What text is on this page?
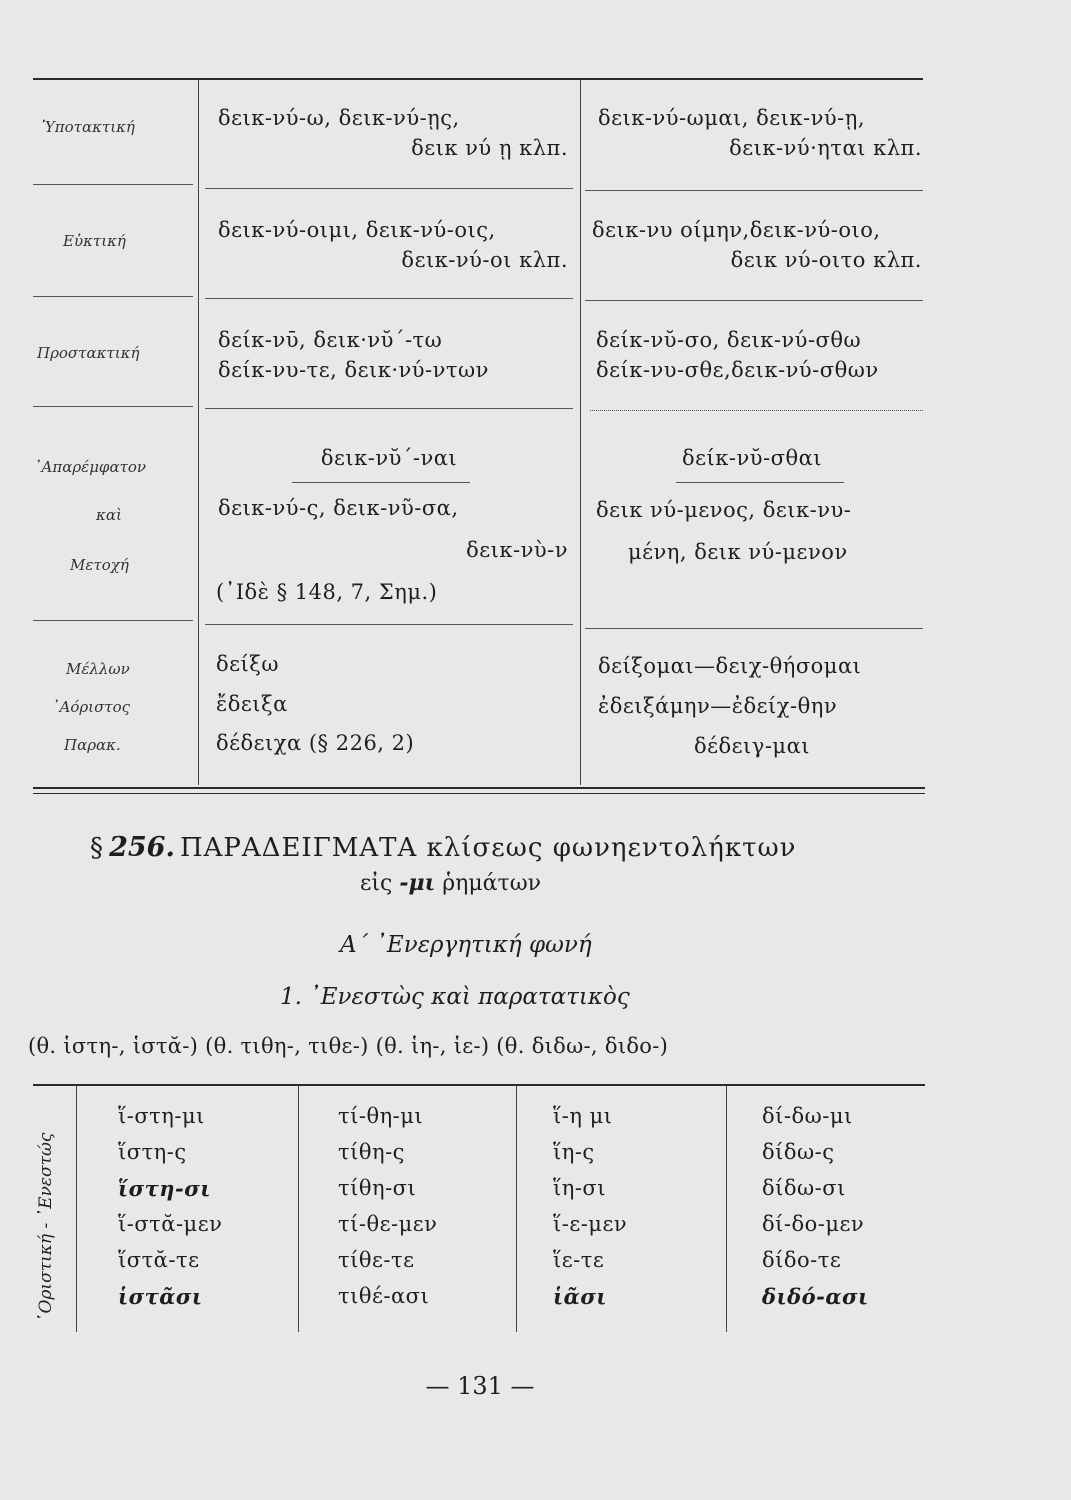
Ὑποτακτική	δεικ-νύ-ω, δεικ-νύ-ῃς,
δεικ νύ ῃ κλπ.
δεικ-νύ-ωμαι, δεικ-νύ-ῃ,
δεικ-νύ·ηται κλπ.
Εὐκτική	δεικ-νύ-οιμι, δεικ-νύ-οις,
δεικ-νύ-οι κλπ.
δεικ-νυ οίμην,δεικ-νύ-οιο,
δεικ νύ-οιτο κλπ.
Προστακτική
δείκ-νῡ, δεικ·νῠ΄-τω
δείκ-νυ-τε, δεικ·νύ-ντων
δείκ-νῠ-σο, δεικ-νύ-σθω
δείκ-νυ-σθε,δεικ-νύ-σθων
᾿Απαρέμφατον
καὶ
Μετοχή
δεικ-νῠ΄-ναι
δεικ-νύ-ς, δεικ-νῦ-σα,
δεικ-νὺ-ν
(᾿Ιδὲ § 148, 7, Σημ.)
δείκ-νῠ-σθαι
δεικ νύ-μενος, δεικ-νυ-
μένη, δεικ νύ-μενον
Μέλλων
᾿Αόριστος
Παρακ.
δείξω
ἔδειξα
δέδειχα (§ 226, 2)
δείξομαι—δειχ-θήσομαι
ἐδειξάμην—ἐδείχ-θην
δέδειγ-μαι
§ 256. ΠΑΡΑΔΕΙΓΜΑΤΑ κλίσεως φωνηεντολήκτων
εἰς -μι ῥημάτων
Α΄ ᾿Ενεργητική φωνή
1. ᾿Ενεστὼς καὶ παρατατικὸς
(θ. ἱστη-, ἱστᾰ-) (θ. τιθη-, τιθε-) (θ. ἱη-, ἱε-) (θ. διδω-, διδο-)
῾Οριστική - ᾿Ενεστώς
ἵ-στη-μι
ἵστη-ς
ἵστη-σι
ἵ-στᾰ-μεν
ἵστᾰ-τε
ἱστᾶσι
τί-θη-μι
τίθη-ς
τίθη-σι
τί-θε-μεν
τίθε-τε
τιθέ-ασι
ἵ-η μι
ἵη-ς
ἵη-σι
ἵ-ε-μεν
ἵε-τε
ἱᾶσι
δί-δω-μι
δίδω-ς
δίδω-σι
δί-δο-μεν
δίδο-τε
διδό-ασι
— 131 —
